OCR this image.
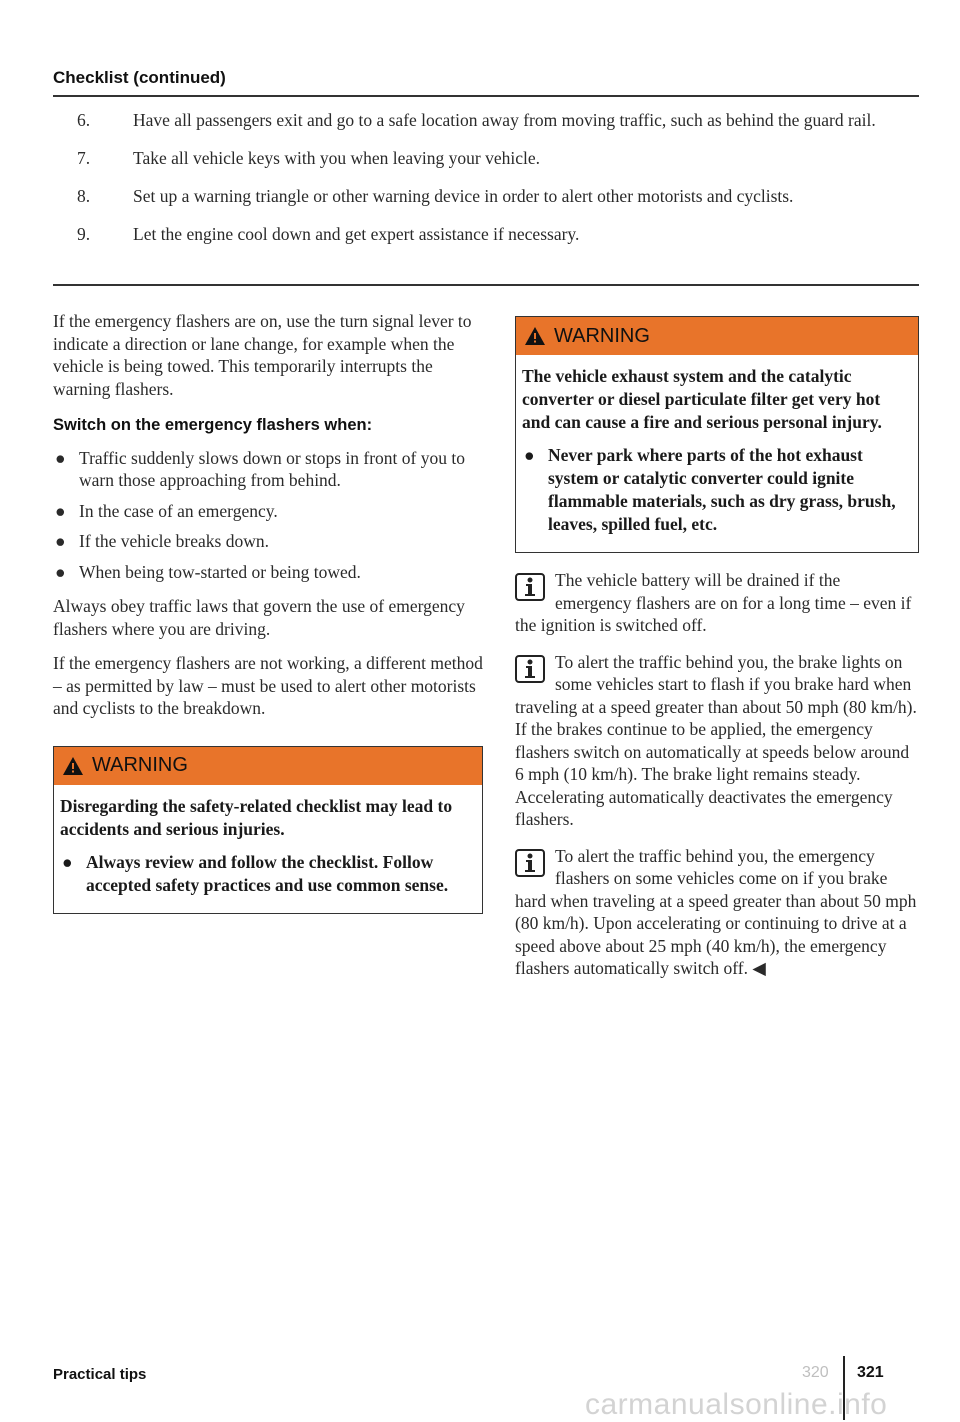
Checklist (continued)
6. Have all passengers exit and go to a safe location away from moving traffic, such as behind the guard rail.
7. Take all vehicle keys with you when leaving your vehicle.
8. Set up a warning triangle or other warning device in order to alert other motorists and cyclists.
9. Let the engine cool down and get expert assistance if necessary.

If the emergency flashers are on, use the turn signal lever to indicate a direction or lane change, for example when the vehicle is being towed. This temporarily interrupts the warning flashers.

Switch on the emergency flashers when:
● Traffic suddenly slows down or stops in front of you to warn those approaching from behind.
● In the case of an emergency.
● If the vehicle breaks down.
● When being tow-started or being towed.

Always obey traffic laws that govern the use of emergency flashers where you are driving.

If the emergency flashers are not working, a different method – as permitted by law – must be used to alert other motorists and cyclists to the breakdown.

WARNING
Disregarding the safety-related checklist may lead to accidents and serious injuries.
● Always review and follow the checklist. Follow accepted safety practices and use common sense.
WARNING
The vehicle exhaust system and the catalytic converter or diesel particulate filter get very hot and can cause a fire and serious personal injury.
● Never park where parts of the hot exhaust system or catalytic converter could ignite flammable materials, such as dry grass, brush, leaves, spilled fuel, etc.
The vehicle battery will be drained if the emergency flashers are on for a long time – even if the ignition is switched off.
To alert the traffic behind you, the brake lights on some vehicles start to flash if you brake hard when traveling at a speed greater than about 50 mph (80 km/h). If the brakes continue to be applied, the emergency flashers switch on automatically at speeds below around 6 mph (10 km/h). The brake light remains steady. Accelerating automatically deactivates the emergency flashers.
To alert the traffic behind you, the emergency flashers on some vehicles come on if you brake hard when traveling at a speed greater than about 50 mph (80 km/h). Upon accelerating or continuing to drive at a speed above about 25 mph (40 km/h), the emergency flashers automatically switch off. ◀
Practical tips	320 321
carmanualsonline.info
